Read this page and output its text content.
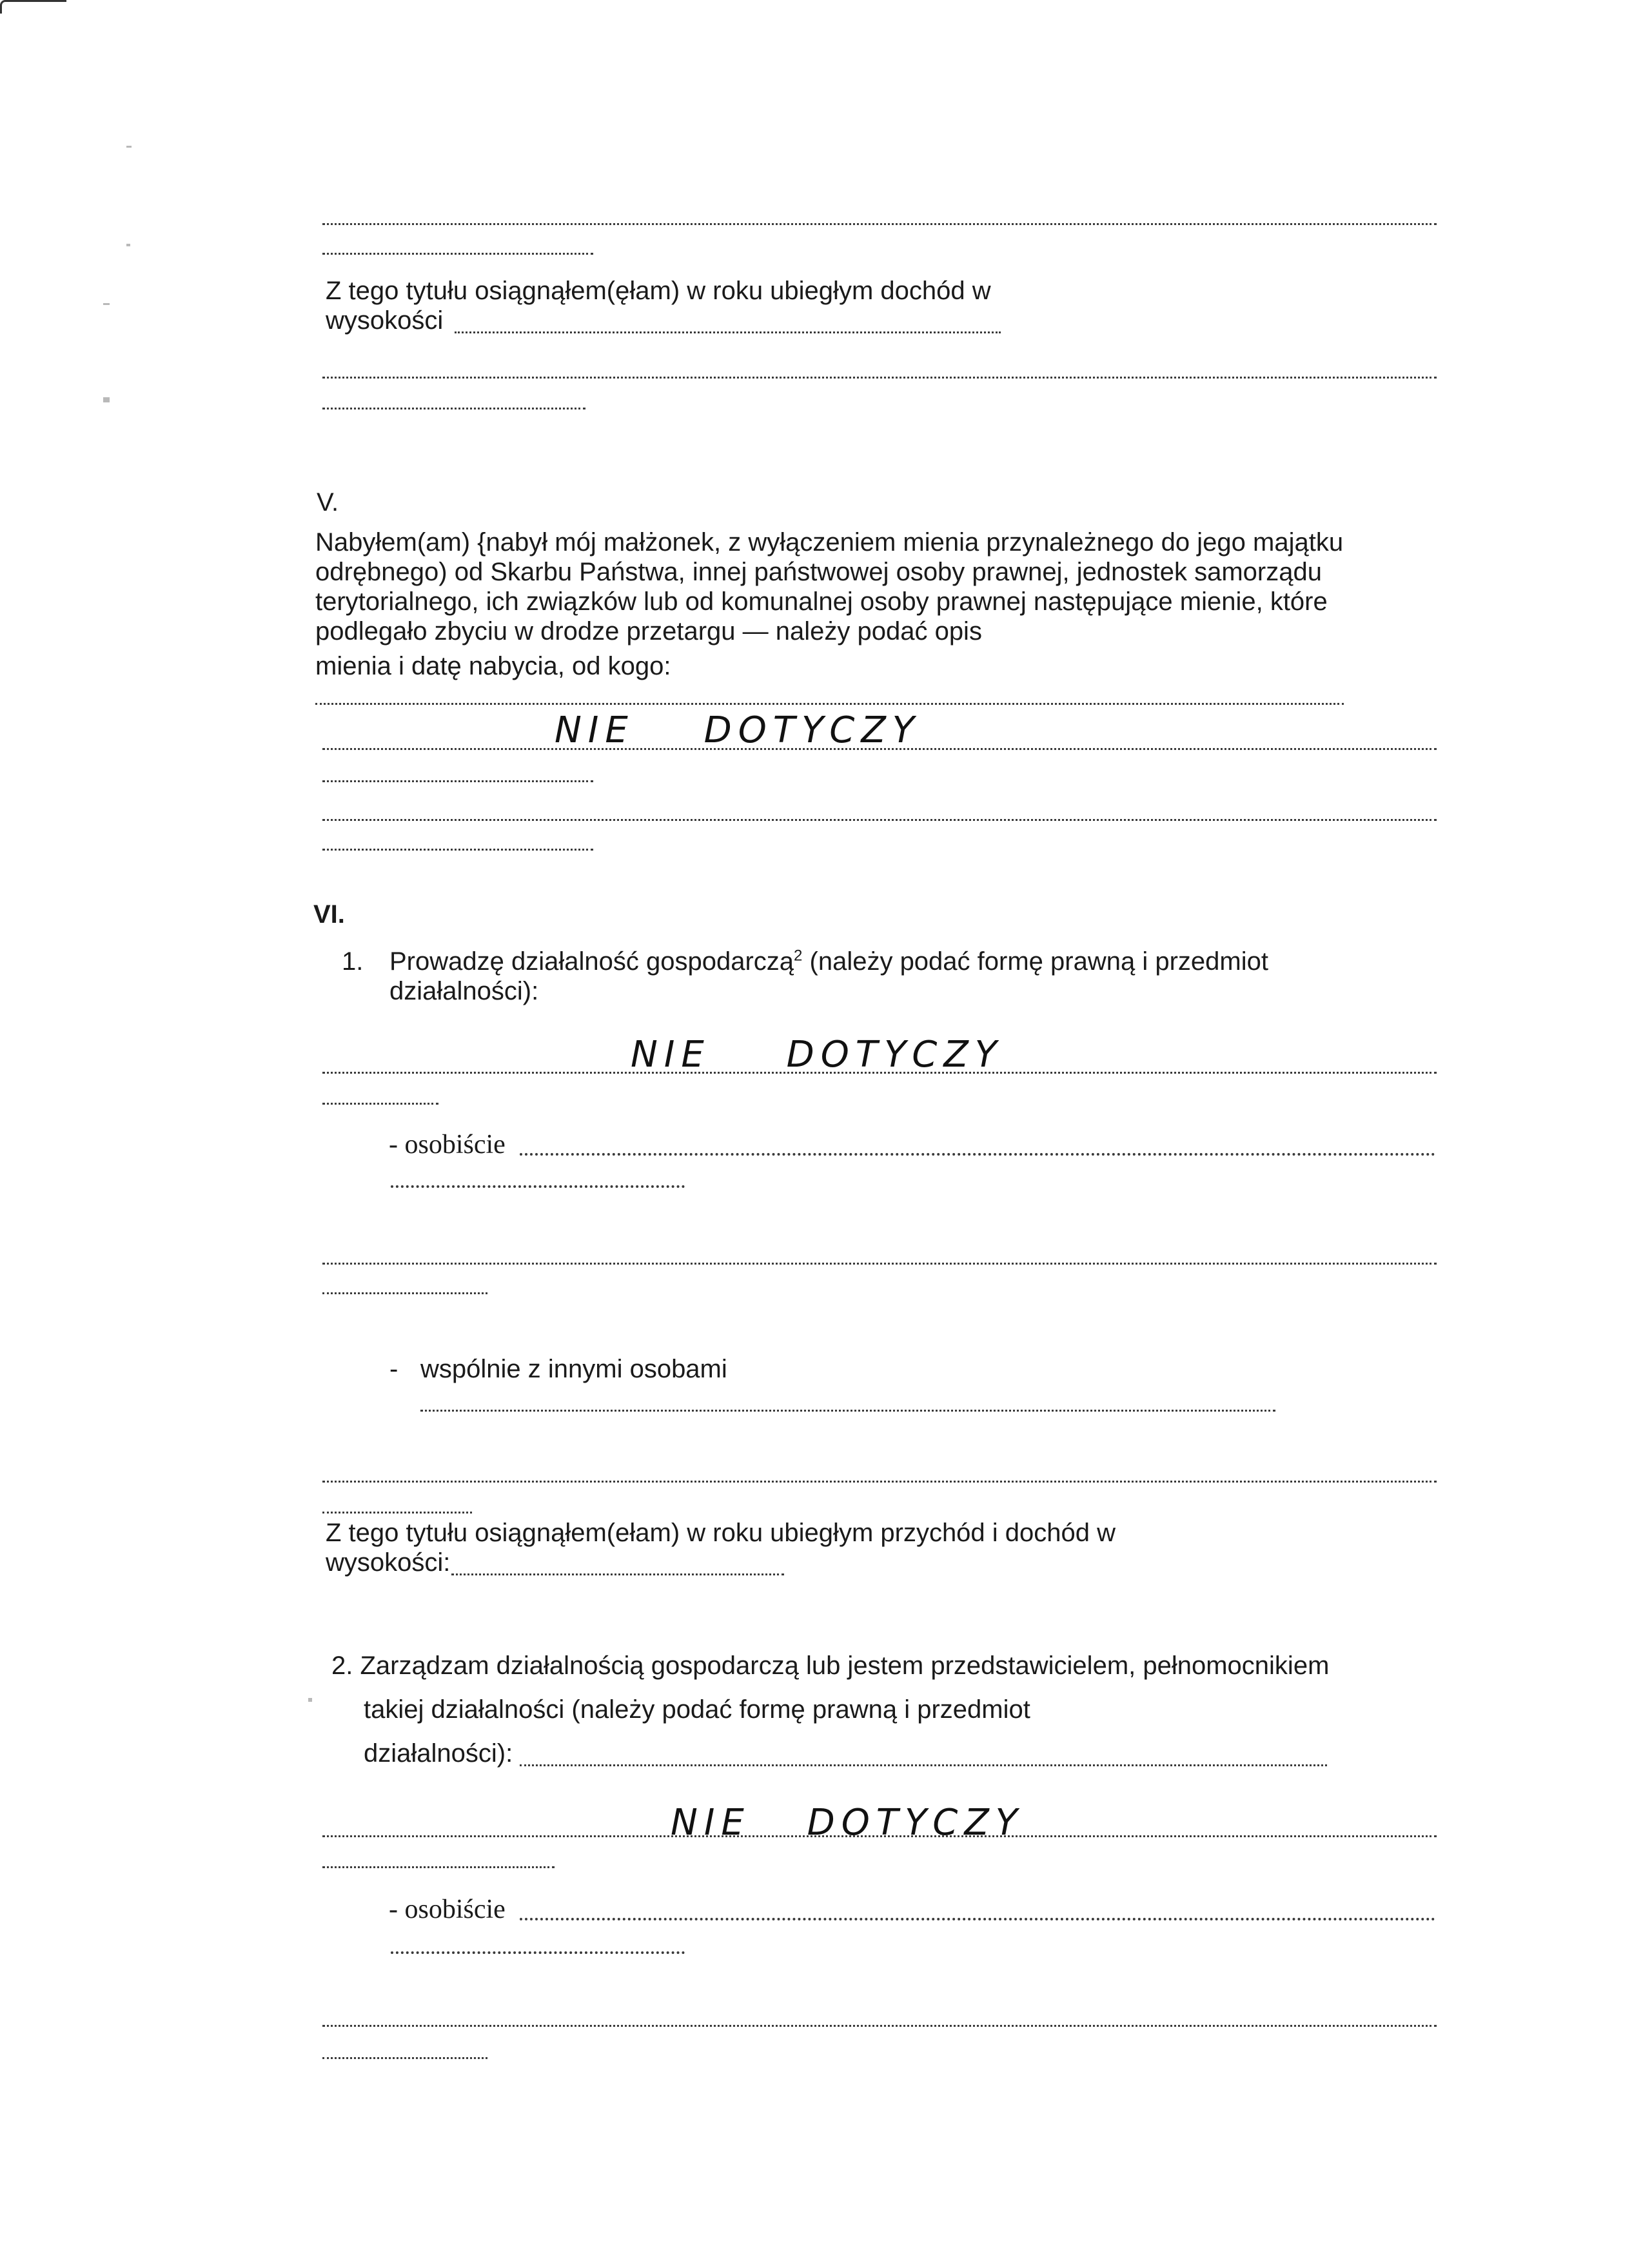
Z tego tytułu osiągnąłem(ęłam) w roku ubiegłym dochód w
wysokości
V.
Nabyłem(am) {nabył mój małżonek, z wyłączeniem mienia przynależnego do jego majątku
odrębnego) od Skarbu Państwa, innej państwowej osoby prawnej, jednostek samorządu
terytorialnego, ich związków lub od komunalnej osoby prawnej następujące mienie, które
podlegało zbyciu w drodze przetargu — należy podać opis
mienia i datę nabycia, od kogo:
NIE DOTYCZY
VI.
1. Prowadzę działalność gospodarczą$^2$ (należy podać formę prawną i przedmiot
działalności):
NIE DOTYCZY
- osobiście
- wspólnie z innymi osobami
Z tego tytułu osiągnąłem(ełam) w roku ubiegłym przychód i dochód w
wysokości:
2. Zarządzam działalnością gospodarczą lub jestem przedstawicielem, pełnomocnikiem
takiej działalności (należy podać formę prawną i przedmiot
działalności):
NIE DOTYCZY
- osobiście
